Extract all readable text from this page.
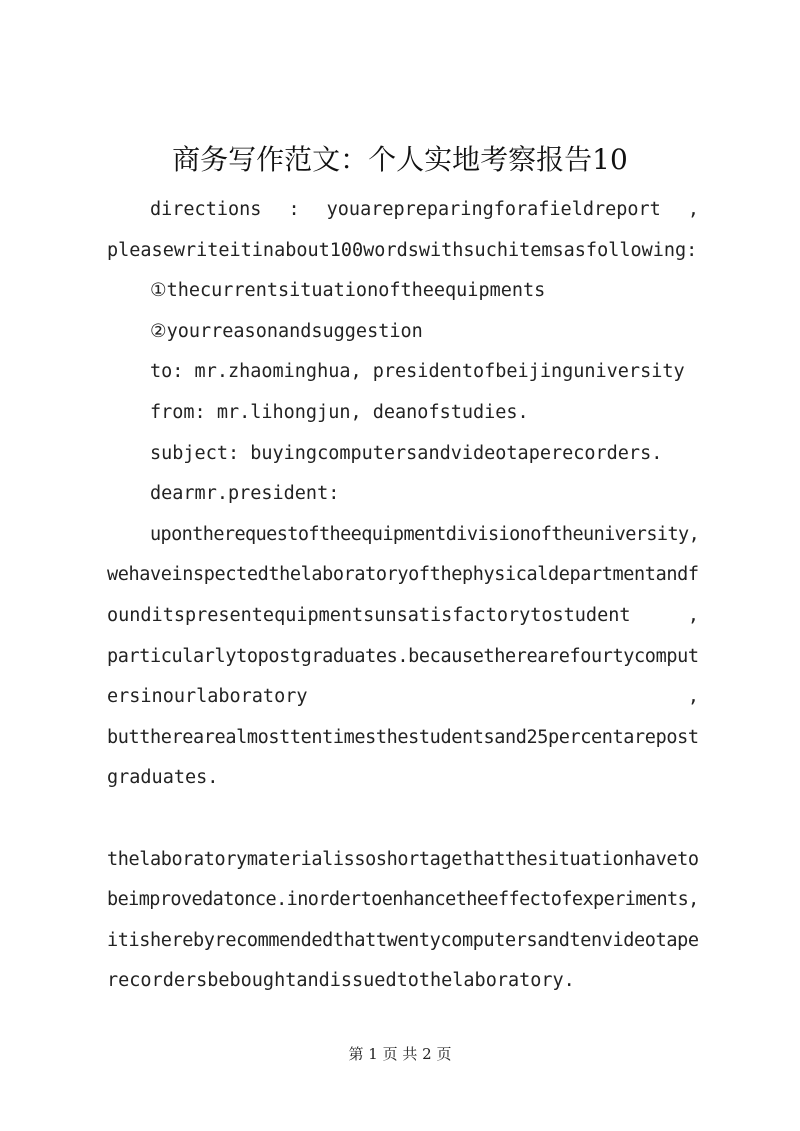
商务写作范文：个人实地考察报告10
directions : youarepreparingforafieldreport ,
pleasewriteitinabout100wordswithsuchitemsasfollowing:
①thecurrentsituationoftheequipments
②yourreasonandsuggestion
to: mr.zhaominghua, presidentofbeijinguniversity
from: mr.lihongjun, deanofstudies.
subject: buyingcomputersandvideotaperecorders.
dearmr.president:
upontherequestoftheequipmentdivisionoftheuniversity,
wehaveinspectedthelaboratoryofthephysicaldepartmentandf
ounditspresentequipmentsunsatisfactorytostudent	,
particularlytopostgraduates.becausetherearefourtycomput
ersinourlaboratory	,
buttherearealmosttentimesthestudentsand25percentarepost
graduates.
thelaboratorymaterialissoshortagethatthesituationhaveto
beimprovedatonce.inordertoenhancetheeffectofexperiments,
itisherebyrecommendedthattwentycomputersandtenvideotape
recordersbeboughtandissuedtothelaboratory.
第 1 页 共 2 页
